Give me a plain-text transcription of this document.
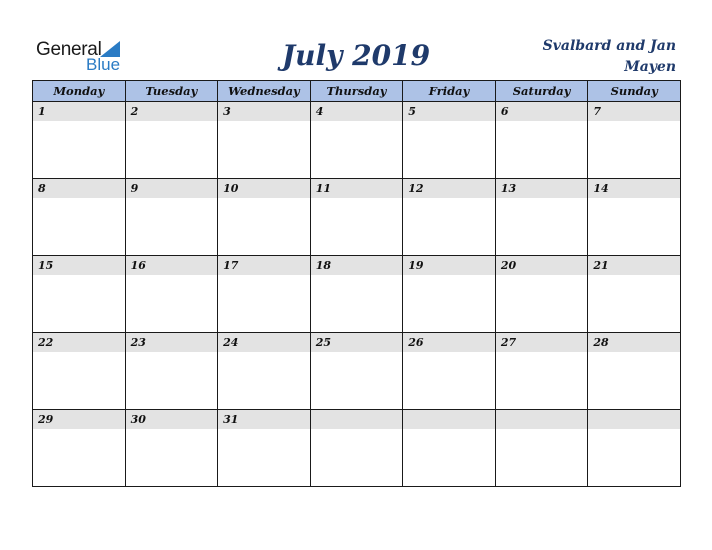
General
Blue	July 2019	Svalbard and Jan Mayen
Monday	Tuesday	Wednesday	Thursday	Friday	Saturday	Sunday

1	2	3	4	5	6	7

8	9	10	11	12	13	14

15	16	17	18	19	20	21

22	23	24	25	26	27	28

29	30	31				
